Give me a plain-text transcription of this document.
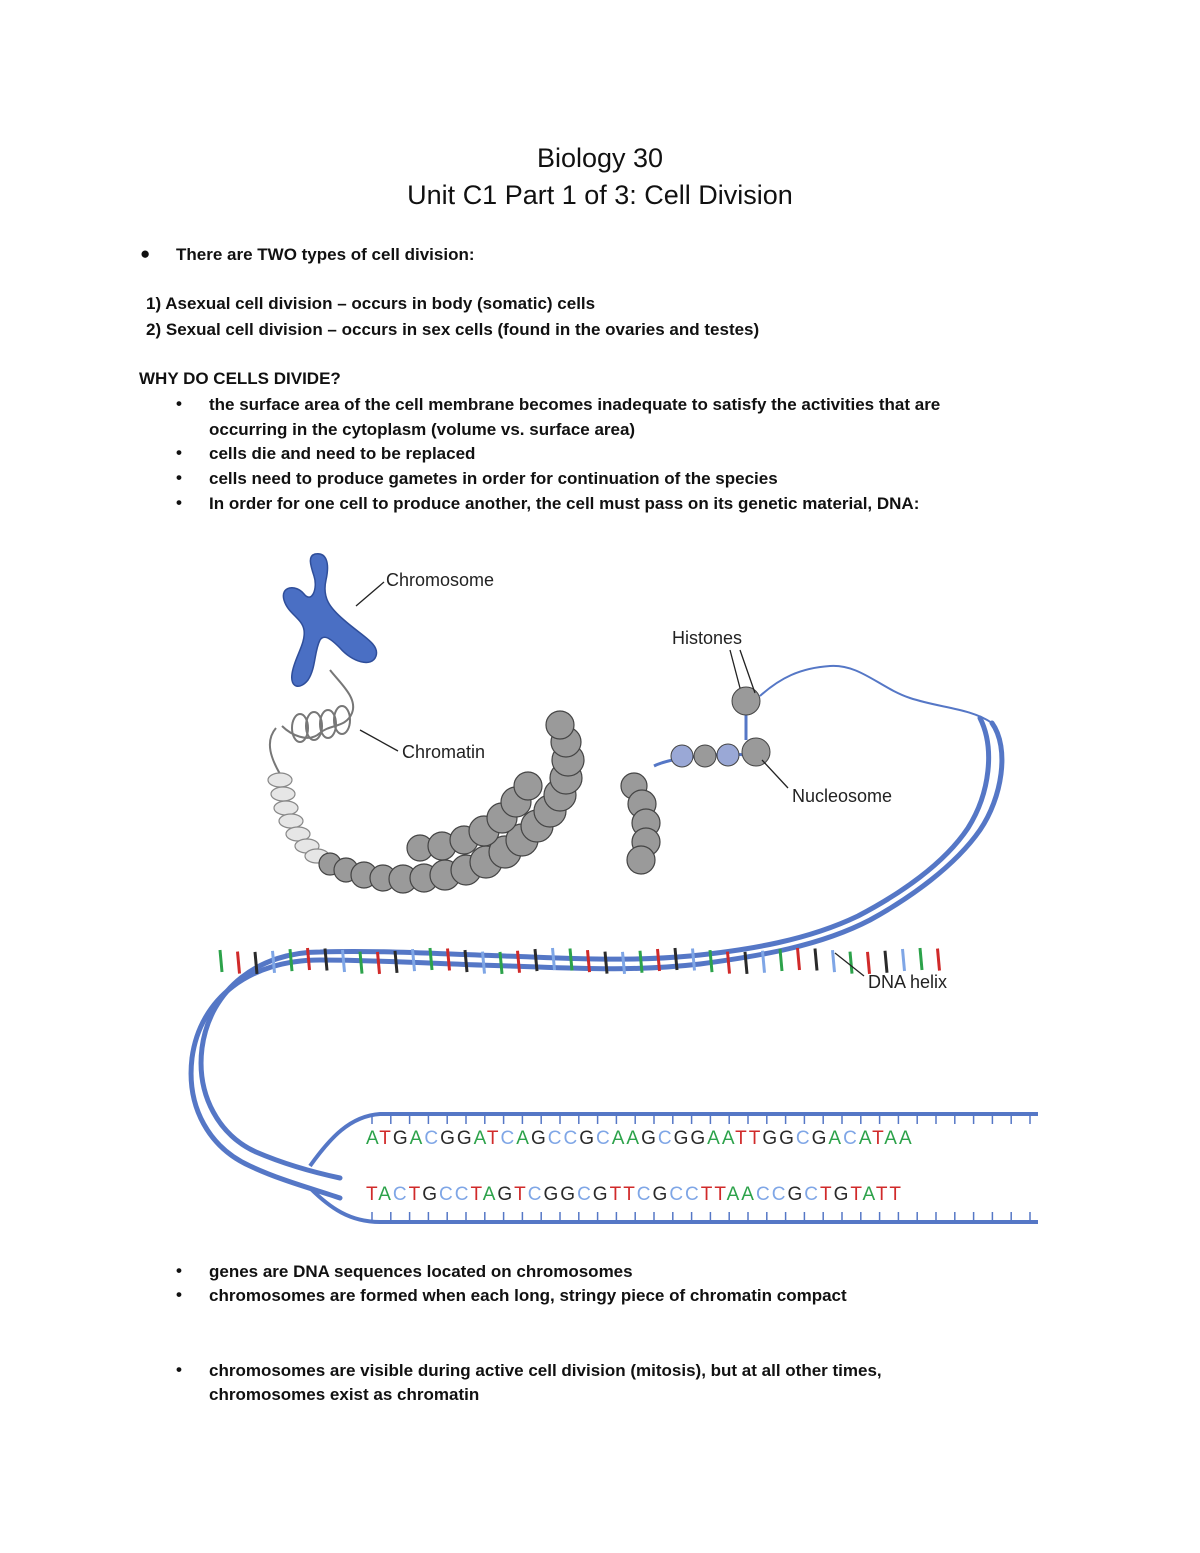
Biology 30
Unit C1 Part 1 of 3: Cell Division
● There are TWO types of cell division:
1) Asexual cell division – occurs in body (somatic) cells
2) Sexual cell division – occurs in sex cells (found in the ovaries and testes)
WHY DO CELLS DIVIDE?
• the surface area of the cell membrane becomes inadequate to satisfy the activities that are
occurring in the cytoplasm (volume vs. surface area)
• cells die and need to be replaced
• cells need to produce gametes in order for continuation of the species
• In order for one cell to produce another, the cell must pass on its genetic material, DNA:
ATGACGGATCAGCCGCAAGCGGAATTGGCGACATAA
TACTGCCTAGTCGGCGTTCGCCTTAACCGCTGTATT
Chromosome
Chromatin
Histones
Nucleosome
DNA helix
• genes are DNA sequences located on chromosomes
• chromosomes are formed when each long, stringy piece of chromatin compact
• chromosomes are visible during active cell division (mitosis), but at all other times,
chromosomes exist as chromatin
